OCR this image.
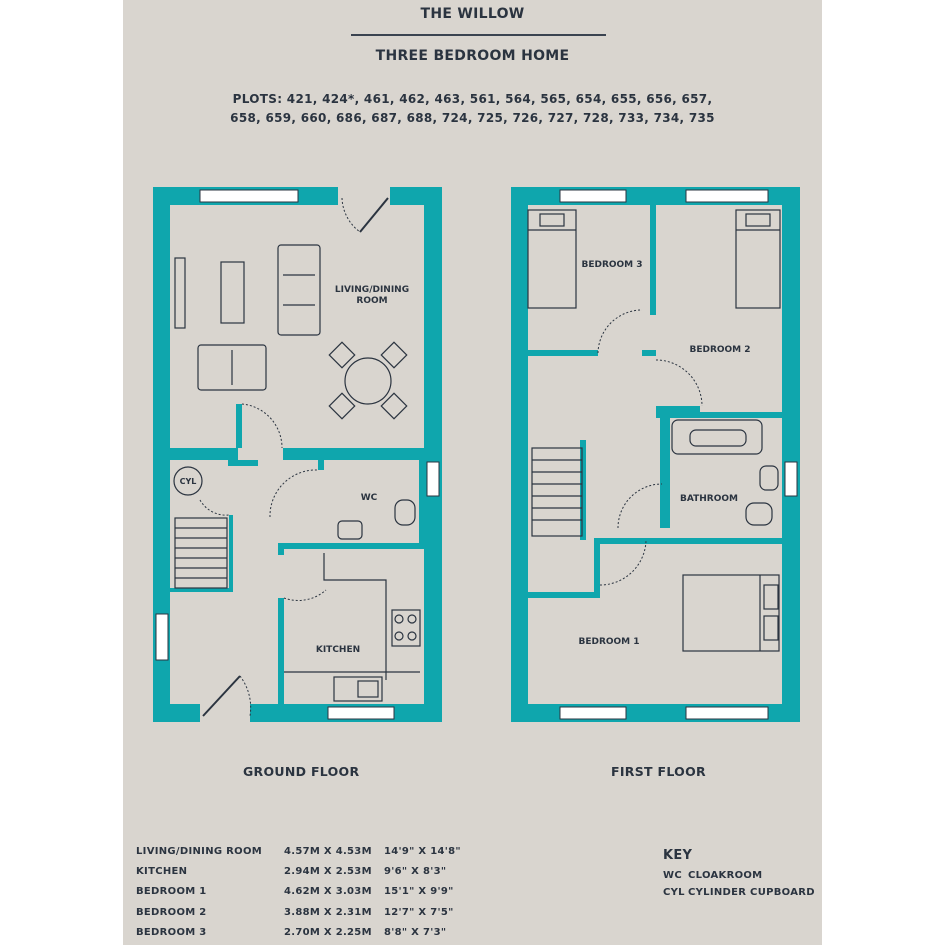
THE WILLOW
THREE BEDROOM HOME
PLOTS: 421, 424*, 461, 462, 463, 561, 564, 565, 654, 655, 656, 657,
658, 659, 660, 686, 687, 688, 724, 725, 726, 727, 728, 733, 734, 735
LIVING/DINING
ROOM
WC
KITCHEN
CYL
BEDROOM 3
BEDROOM 2
BATHROOM
BEDROOM 1
GROUND FLOOR	FIRST FLOOR
LIVING/DINING ROOM 4.57M X 4.53M 14'9" X 14'8"
KITCHEN	2.94M X 2.53M 9'6" X 8'3"
BEDROOM 1	4.62M X 3.03M 15'1" X 9'9"
BEDROOM 2	3.88M X 2.31M 12'7" X 7'5"
BEDROOM 3	2.70M X 2.25M 8'8" X 7'3"
KEY
WC CLOAKROOM
CYL CYLINDER CUPBOARD
